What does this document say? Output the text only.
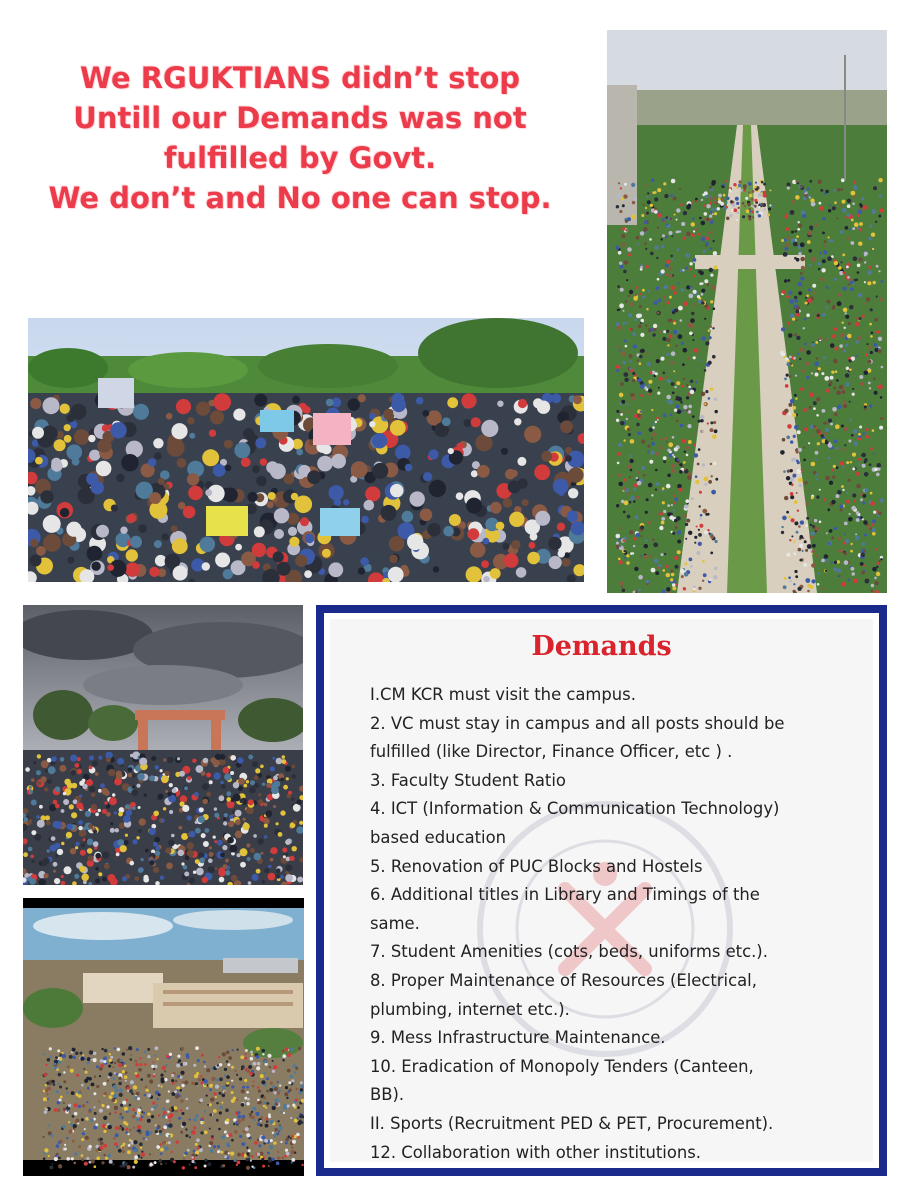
We RGUKTIANS didn’t stop
Untill our Demands was not
fulfilled by Govt.
We don’t and No one can stop.
Demands
I.CM KCR must visit the campus.
2. VC must stay in campus and all posts should be
fulfilled (like Director, Finance Officer, etc ) .
3. Faculty Student Ratio
4. ICT (Information & Communication Technology)
based education
5. Renovation of PUC Blocks and Hostels
6. Additional titles in Library and Timings of the
same.
7. Student Amenities (cots, beds, uniforms etc.).
8. Proper Maintenance of Resources (Electrical,
plumbing, internet etc.).
9. Mess Infrastructure Maintenance.
10. Eradication of Monopoly Tenders (Canteen,
BB).
II. Sports (Recruitment PED & PET, Procurement).
12. Collaboration with other institutions.
